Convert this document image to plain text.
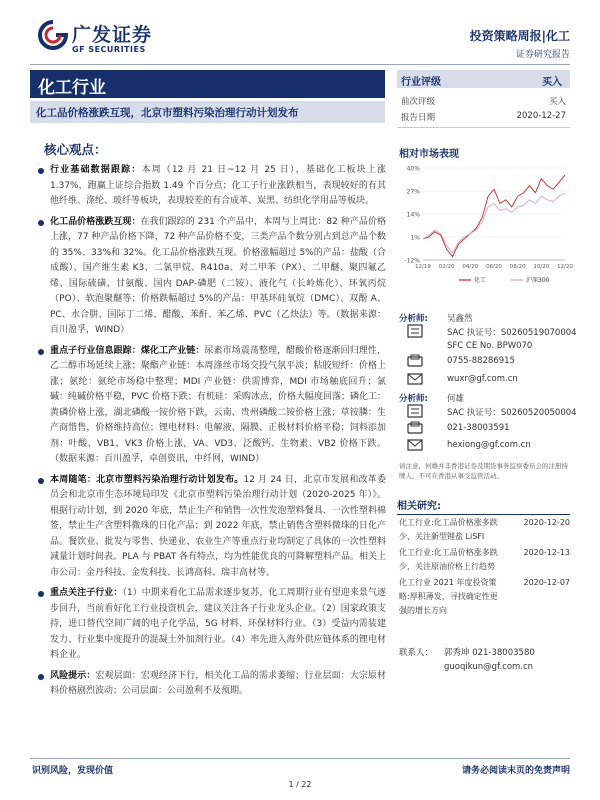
广发证券
GF SECURITIES
投资策略周报|化工
证券研究报告
化工行业
化工品价格涨跌互现，北京市塑料污染治理行动计划发布
核心观点：
行业基础数据跟踪：本周（12 月 21 日~12 月 25 日），基础化工板块上涨 1.37%，跑赢上证综合指数 1.49 个百分点；化工子行业涨跌相当，表现较好的有其他纤维、涤纶、玻纤等板块，表现较差的有合成革、炭黑、纺织化学用品等板块。
化工品价格涨跌互现：在我们跟踪的 231 个产品中，本周与上周比：82 种产品价格上涨，77 种产品价格下降，72 种产品价格不变，三类产品个数分别占到总产品个数的 35%、33%和 32%。化工品价格涨跌互现。价格涨幅超过 5%的产品：盐酸（合成酸）、国产维生素 K3、二氯甲烷、R410a、对二甲苯（PX）、二甲醚、聚四氟乙烯、国际硫磺、甘氨酸、国内 DAP-磷肥（二铵）、液化气（长岭炼化）、环氧丙烷（PO）、软泡聚醚等；价格跌幅超过 5%的产品：甲基环硅氧烷（DMC）、双酚 A、PC、水合肼、国际丁二烯、醋酸、苯酐、苯乙烯、PVC（乙炔法）等。（数据来源：百川盈孚，WIND）
重点子行业信息跟踪：煤化工产业链：尿素市场震荡整理，醋酸价格逐渐回归理性，乙二醇市场延续上涨；聚酯产业链：本周涤丝市场交投气氛平淡；粘胶短纤：价格上涨；氨纶：氨纶市场稳中整理；MDI 产业链：供需博弈，MDI 市场触底回升；氯碱：纯碱价格平稳，PVC 价格下跌；有机硅：采购冰点，价格大幅度回落；磷化工：黄磷价格上涨，湖北磷酸一铵价格下跌，云南、贵州磷酸二铵价格上涨；草铵膦：生产商惜售，价格维持高位；锂电材料：电解液、隔膜、正极材料价格平稳；饲料添加剂：叶酸、VB1、VK3 价格上涨，VA、VD3、泛酸钙、生物素、VB2 价格下跌。（数据来源：百川盈孚，卓创资讯，中纤网，WIND）
本周随笔：北京市塑料污染治理行动计划发布。12 月 24 日，北京市发展和改革委员会和北京市生态环境局印发《北京市塑料污染治理行动计划（2020-2025 年）》。根据行动计划，到 2020 年底，禁止生产和销售一次性发泡塑料餐具、一次性塑料棉签，禁止生产含塑料微珠的日化产品；到 2022 年底，禁止销售含塑料微珠的日化产品。餐饮业、批发与零售、快递业、农业生产等重点行业均制定了具体的一次性塑料减量计划时间表。PLA 与 PBAT 各有特点，均为性能优良的可降解塑料产品。相关上市公司：金丹科技、金发科技、长鸿高科、瑞丰高材等。
重点关注子行业：（1）中期来看化工品需求逐步复苏，化工周期行业有望迎来景气逐步回升，当前看好化工行业投资机会，建议关注各子行业龙头企业。（2）国家政策支持，进口替代空间广阔的电子化学品，5G 材料、环保材料行业。（3）受益内需装建发力、行业集中度提升的混凝土外加剂行业。（4）率先进入海外供应链体系的锂电材料企业。
风险提示：宏观层面：宏观经济下行，相关化工品的需求萎缩；行业层面：大宗原材料价格剧烈波动；公司层面：公司盈利不及预期。
行业评级	买入
前次评级	买入
报告日期	2020-12-27
相对市场表现
-12%
1%
14%
27%
40%
12/19 02/20 04/20 06/20 08/20 10/20 12/20
化工	沪深300
分析师: 吴鑫然
SAC 执证号：S0260519070004
SFC CE No. BPW070
0755-88286915
wuxr@gf.com.cn
分析师: 何雄
SAC 执证号：S0260520050004
021-38003591
hexiong@gf.com.cn
请注意，何雄并非香港证券及期货事务监察委员会的注册持牌人，不可在香港从事受监管活动。
相关研究:
化工行业:化工品价格涨多跌
少，关注新型锂盐 LiSFI
2020-12-20
化工行业:化工品价格涨多跌
少，关注原油价格上行趋势
2020-12-13
化工行业 2021 年度投资策
略:厚积薄发，寻找确定性更
强的增长方向
2020-12-07
联系人： 郭秀坤 021-38003580
guoqikun@gf.com.cn
识别风险，发现价值	请务必阅读末页的免责声明
1 / 22
